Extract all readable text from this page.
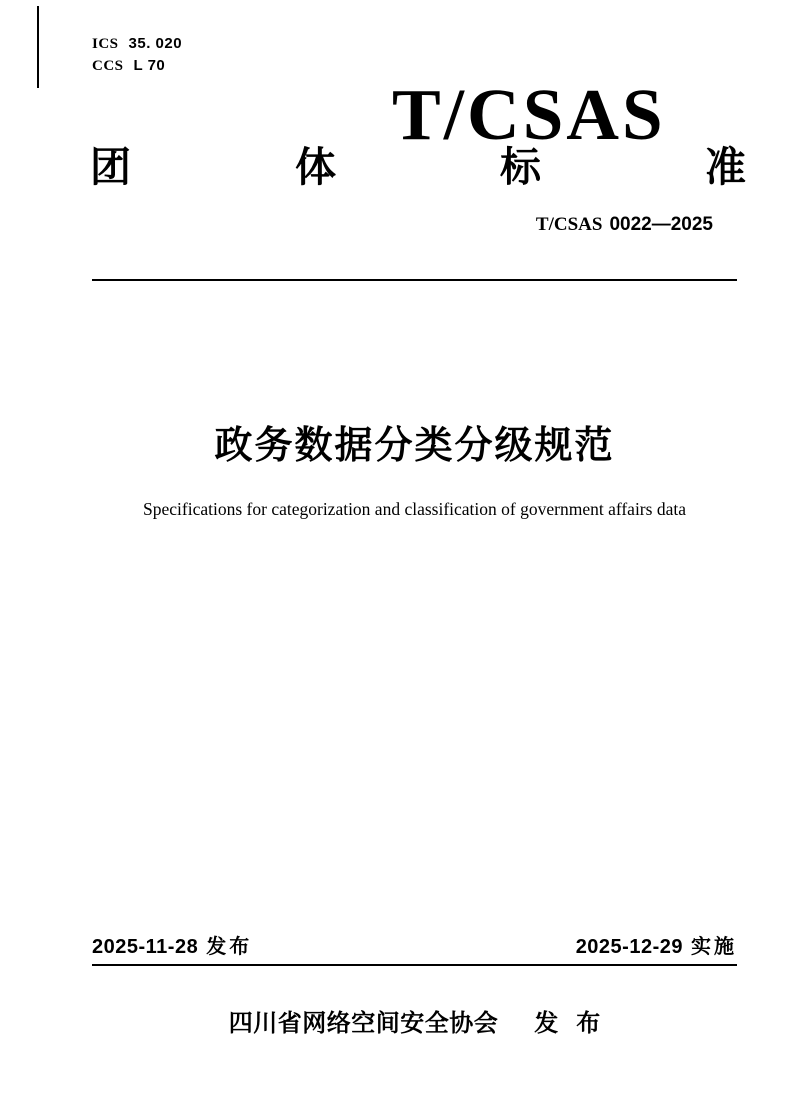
ICS 35. 020
CCS L 70
T/CSAS
团	体	标	准
T/CSAS 0022—2025
政务数据分类分级规范
Specifications for categorization and classification of government affairs data
2025-11-28 发布	2025-12-29 实施
四川省网络空间安全协会 发 布
